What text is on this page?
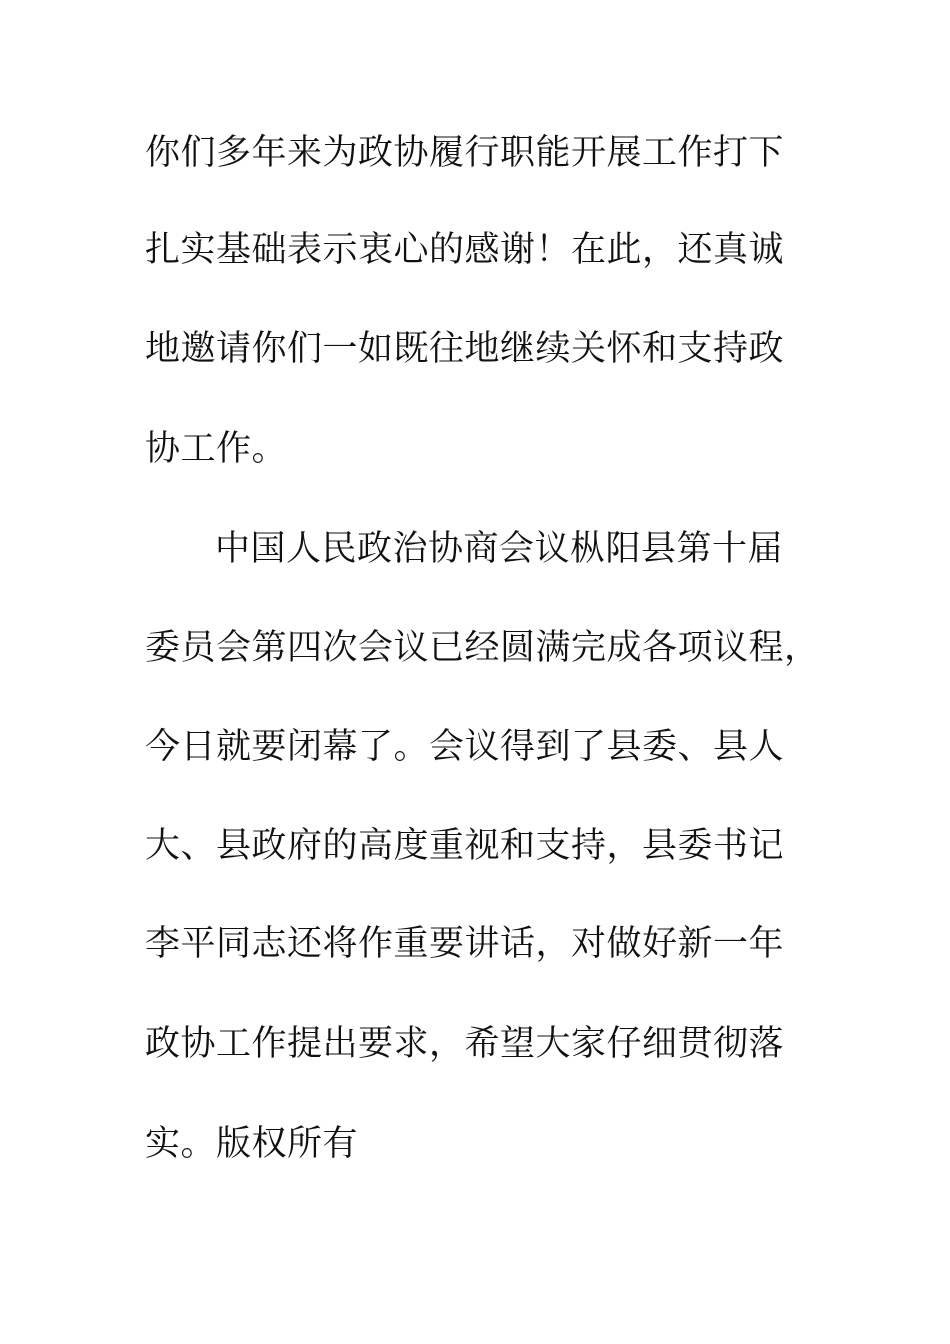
你们多年来为政协履行职能开展工作打下
扎实基础表示衷心的感谢！在此，还真诚
地邀请你们一如既往地继续关怀和支持政
协工作。
中国人民政治协商会议枞阳县第十届
委员会第四次会议已经圆满完成各项议程，
今日就要闭幕了。会议得到了县委、县人
大、县政府的高度重视和支持，县委书记
李平同志还将作重要讲话，对做好新一年
政协工作提出要求，希望大家仔细贯彻落
实。版权所有
